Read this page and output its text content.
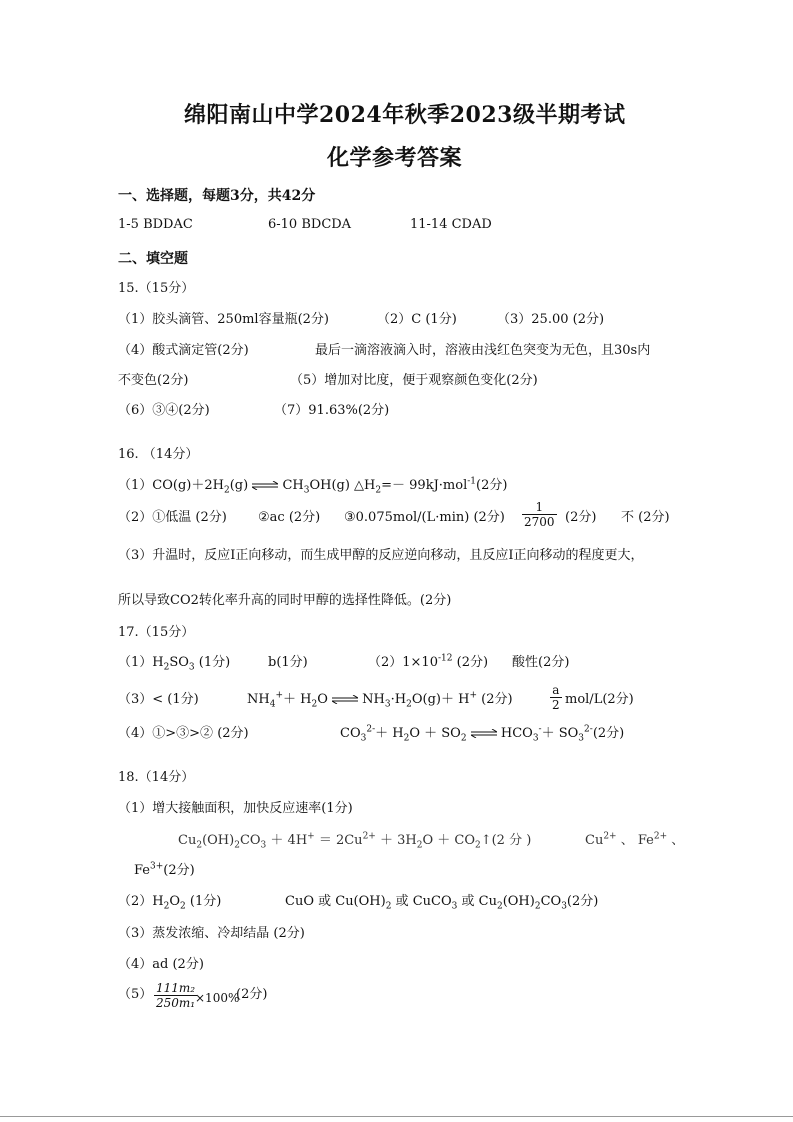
绵阳南山中学2024年秋季2023级半期考试
化学参考答案
一、选择题，每题3分，共42分
1-5 BDDAC	6-10 BDCDA	11-14 CDAD
二、填空题
15.（15分）
（1）胶头滴管、250ml容量瓶(2分)	（2）C (1分)	（3）25.00 (2分)
（4）酸式滴定管(2分)	最后一滴溶液滴入时，溶液由浅红色突变为无色，且30s内
不变色(2分)	（5）增加对比度，便于观察颜色变化(2分)
（6）③④(2分)	（7）91.63%(2分)
16. （14分）
$(1)CO(g)+2H_2(g)$ ⇌ $CH_3OH(g)$ $\triangle H_2=- 99kJ\cdot mol^{-1}(2$分)
（2）①低温 (2分) ②ac (2分) ③0.075mol/(L·min) (2分) $\frac{1}{2700} (2$分) 不 (2分)
（3）升温时，反应Ⅰ正向移动，而生成甲醇的反应逆向移动，且反应Ⅰ正向移动的程度更大，
所以导致CO2转化率升高的同时甲醇的选择性降低。(2分)
17.（15分）
$(1)H_2SO_3$ (1分)	b(1分)	$(2)1\times 10^{-12}$ (2分) 酸性(2分)
（3）< (1分)	$NH_4^++ H_2O$ ⇌ $NH_3\cdot H_2O(g)+ H^+$ (2分)	$\frac{a}{2} mol/L(2$分)
（4）①>③>② (2分)	$CO_3^{2-}+ H_2O + SO_2$ ⇌ $HCO_3^-+ SO_3^{2-}(2$分)
18.（14分）
（1）增大接触面积，加快反应速率(1分)
$Cu_2(OH)_2CO_3 + 4H^+ = 2Cu^{2+} + 3H_2O$ ＋ $CO_2↑(2$ 分 )	$Cu^{2+}$ 、 $Fe^{2+}$ 、
$Fe^{3+}(2$分)
$(2)H_2O_2$ (1分)	CuO 或 $Cu(OH)_2$ 或 CuCO$_3$ 或 $Cu_2(OH)_2CO_3(2$分)
（3）蒸发浓缩、冷却结晶 (2分)
（4）ad (2分)
$(5) \frac{\text{111m₂}}{\text{250m₁}}$
×100%
(2分)
